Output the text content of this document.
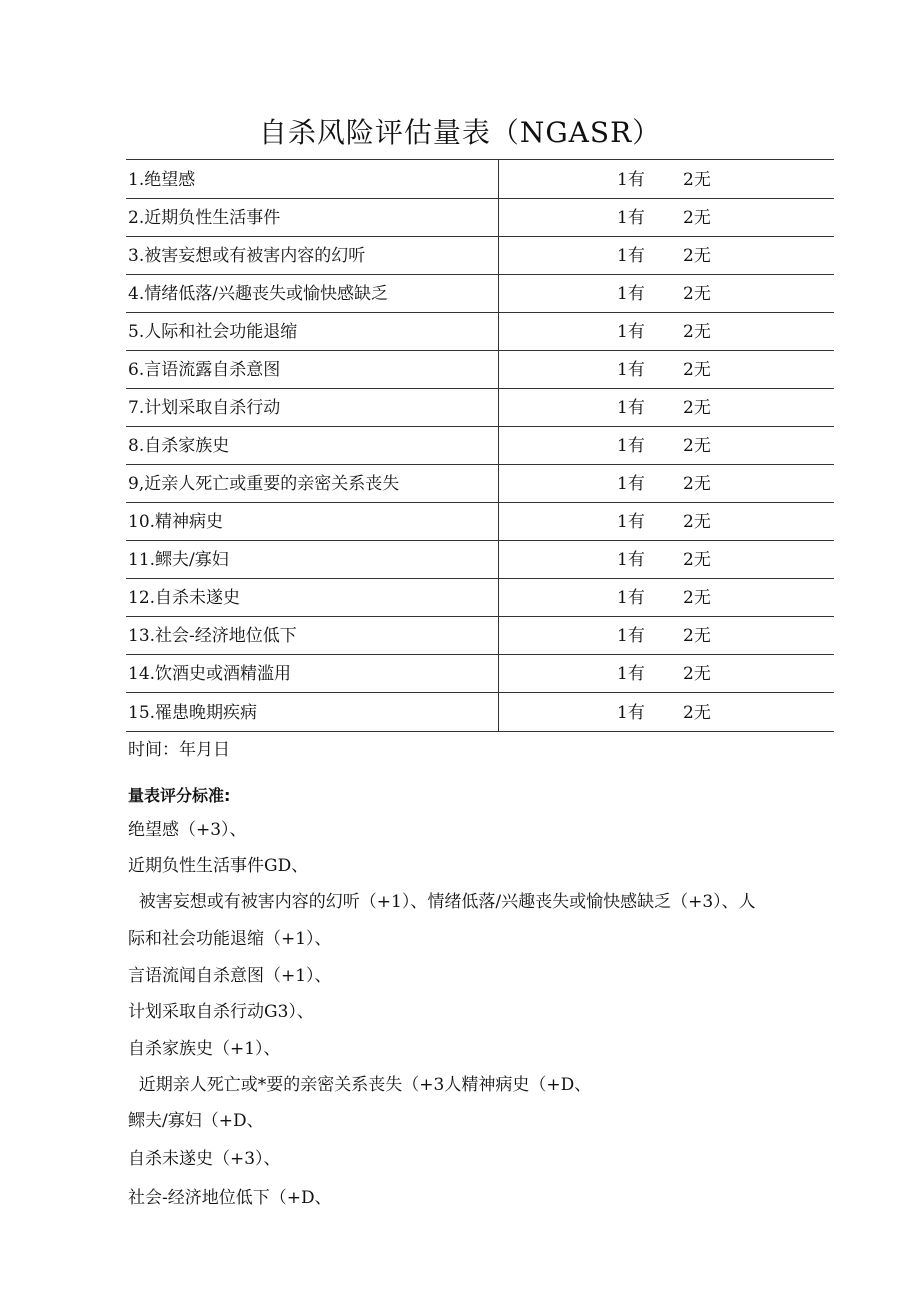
自杀风险评估量表（NGASR）
1.绝望感	1有 2无
2.近期负性生活事件	1有 2无
3.被害妄想或有被害内容的幻听	1有 2无
4.情绪低落/兴趣丧失或愉快感缺乏	1有 2无
5.人际和社会功能退缩	1有 2无
6.言语流露自杀意图	1有 2无
7.计划采取自杀行动	1有 2无
8.自杀家族史	1有 2无
9,近亲人死亡或重要的亲密关系丧失	1有 2无
10.精神病史	1有 2无
11.鳏夫/寡妇	1有 2无
12.自杀未遂史	1有 2无
13.社会-经济地位低下	1有 2无
14.饮酒史或酒精滥用	1有 2无
15.罹患晚期疾病	1有 2无
时间：年月日
量表评分标准:
绝望感（+3）、
近期负性生活事件GD、
被害妄想或有被害内容的幻听（+1）、情绪低落/兴趣丧失或愉快感缺乏（+3）、人
际和社会功能退缩（+1）、
言语流闻自杀意图（+1）、
计划采取自杀行动G3）、
自杀家族史（+1）、
近期亲人死亡或*要的亲密关系丧失（+3人精神病史（+D、
鳏夫/寡妇（+D、
自杀未遂史（+3）、
社会-经济地位低下（+D、
